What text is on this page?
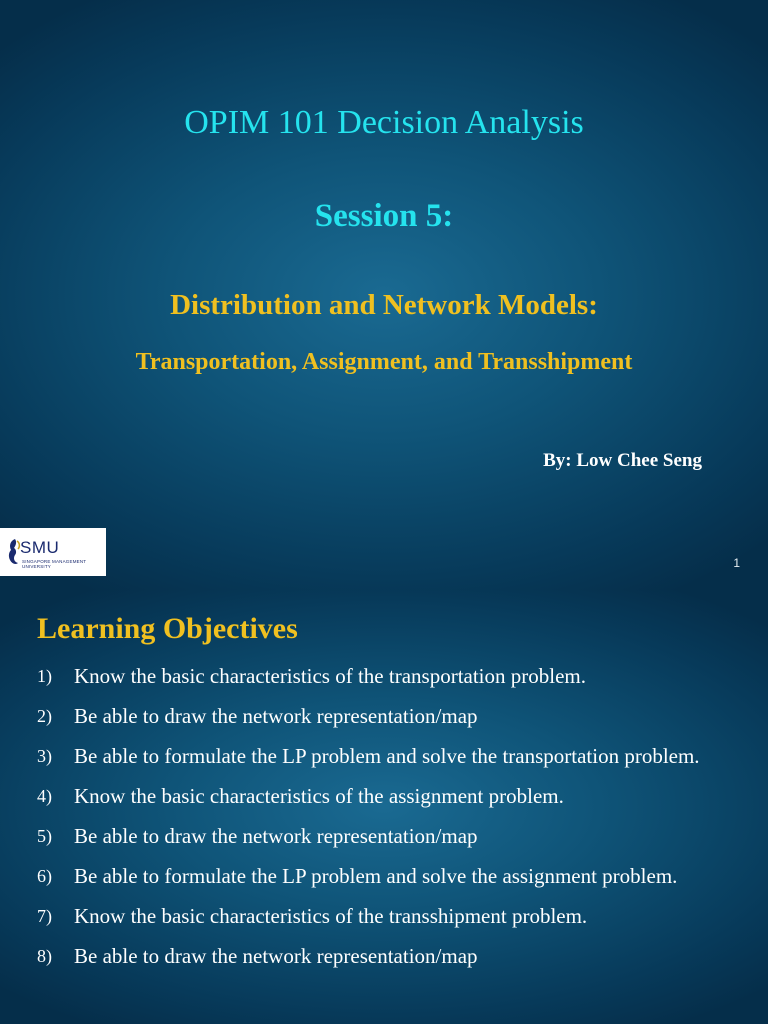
OPIM 101 Decision Analysis
Session 5:
Distribution and Network Models:
Transportation, Assignment, and Transshipment
By: Low Chee Seng
SMU
SINGAPORE MANAGEMENT UNIVERSITY	1
Learning Objectives
1) Know the basic characteristics of the transportation problem.
2) Be able to draw the network representation/map
3) Be able to formulate the LP problem and solve the transportation problem.
4) Know the basic characteristics of the assignment problem.
5) Be able to draw the network representation/map
6) Be able to formulate the LP problem and solve the assignment problem.
7) Know the basic characteristics of the transshipment problem.
8) Be able to draw the network representation/map
